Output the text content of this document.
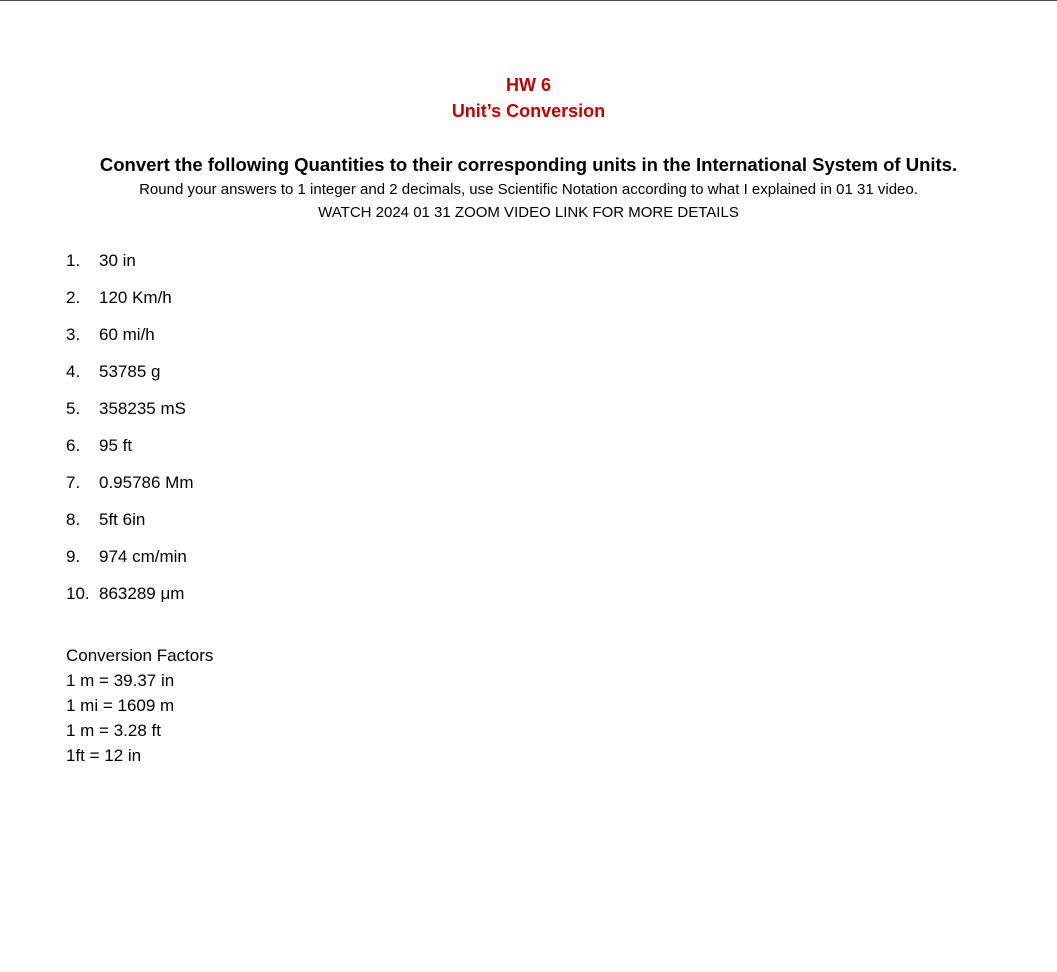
HW 6
Unit’s Conversion
Convert the following Quantities to their corresponding units in the International System of Units.
Round your answers to 1 integer and 2 decimals, use Scientific Notation according to what I explained in 01 31 video.
WATCH 2024 01 31 ZOOM VIDEO LINK FOR MORE DETAILS
1.	30 in
2.	120 Km/h
3.	60 mi/h
4.	53785 g
5.	358235 mS
6.	95 ft
7.	0.95786 Mm
8.	5ft 6in
9.	974 cm/min
10. 863289 μm
Conversion Factors
1 m = 39.37 in
1 mi = 1609 m
1 m = 3.28 ft
1ft = 12 in
